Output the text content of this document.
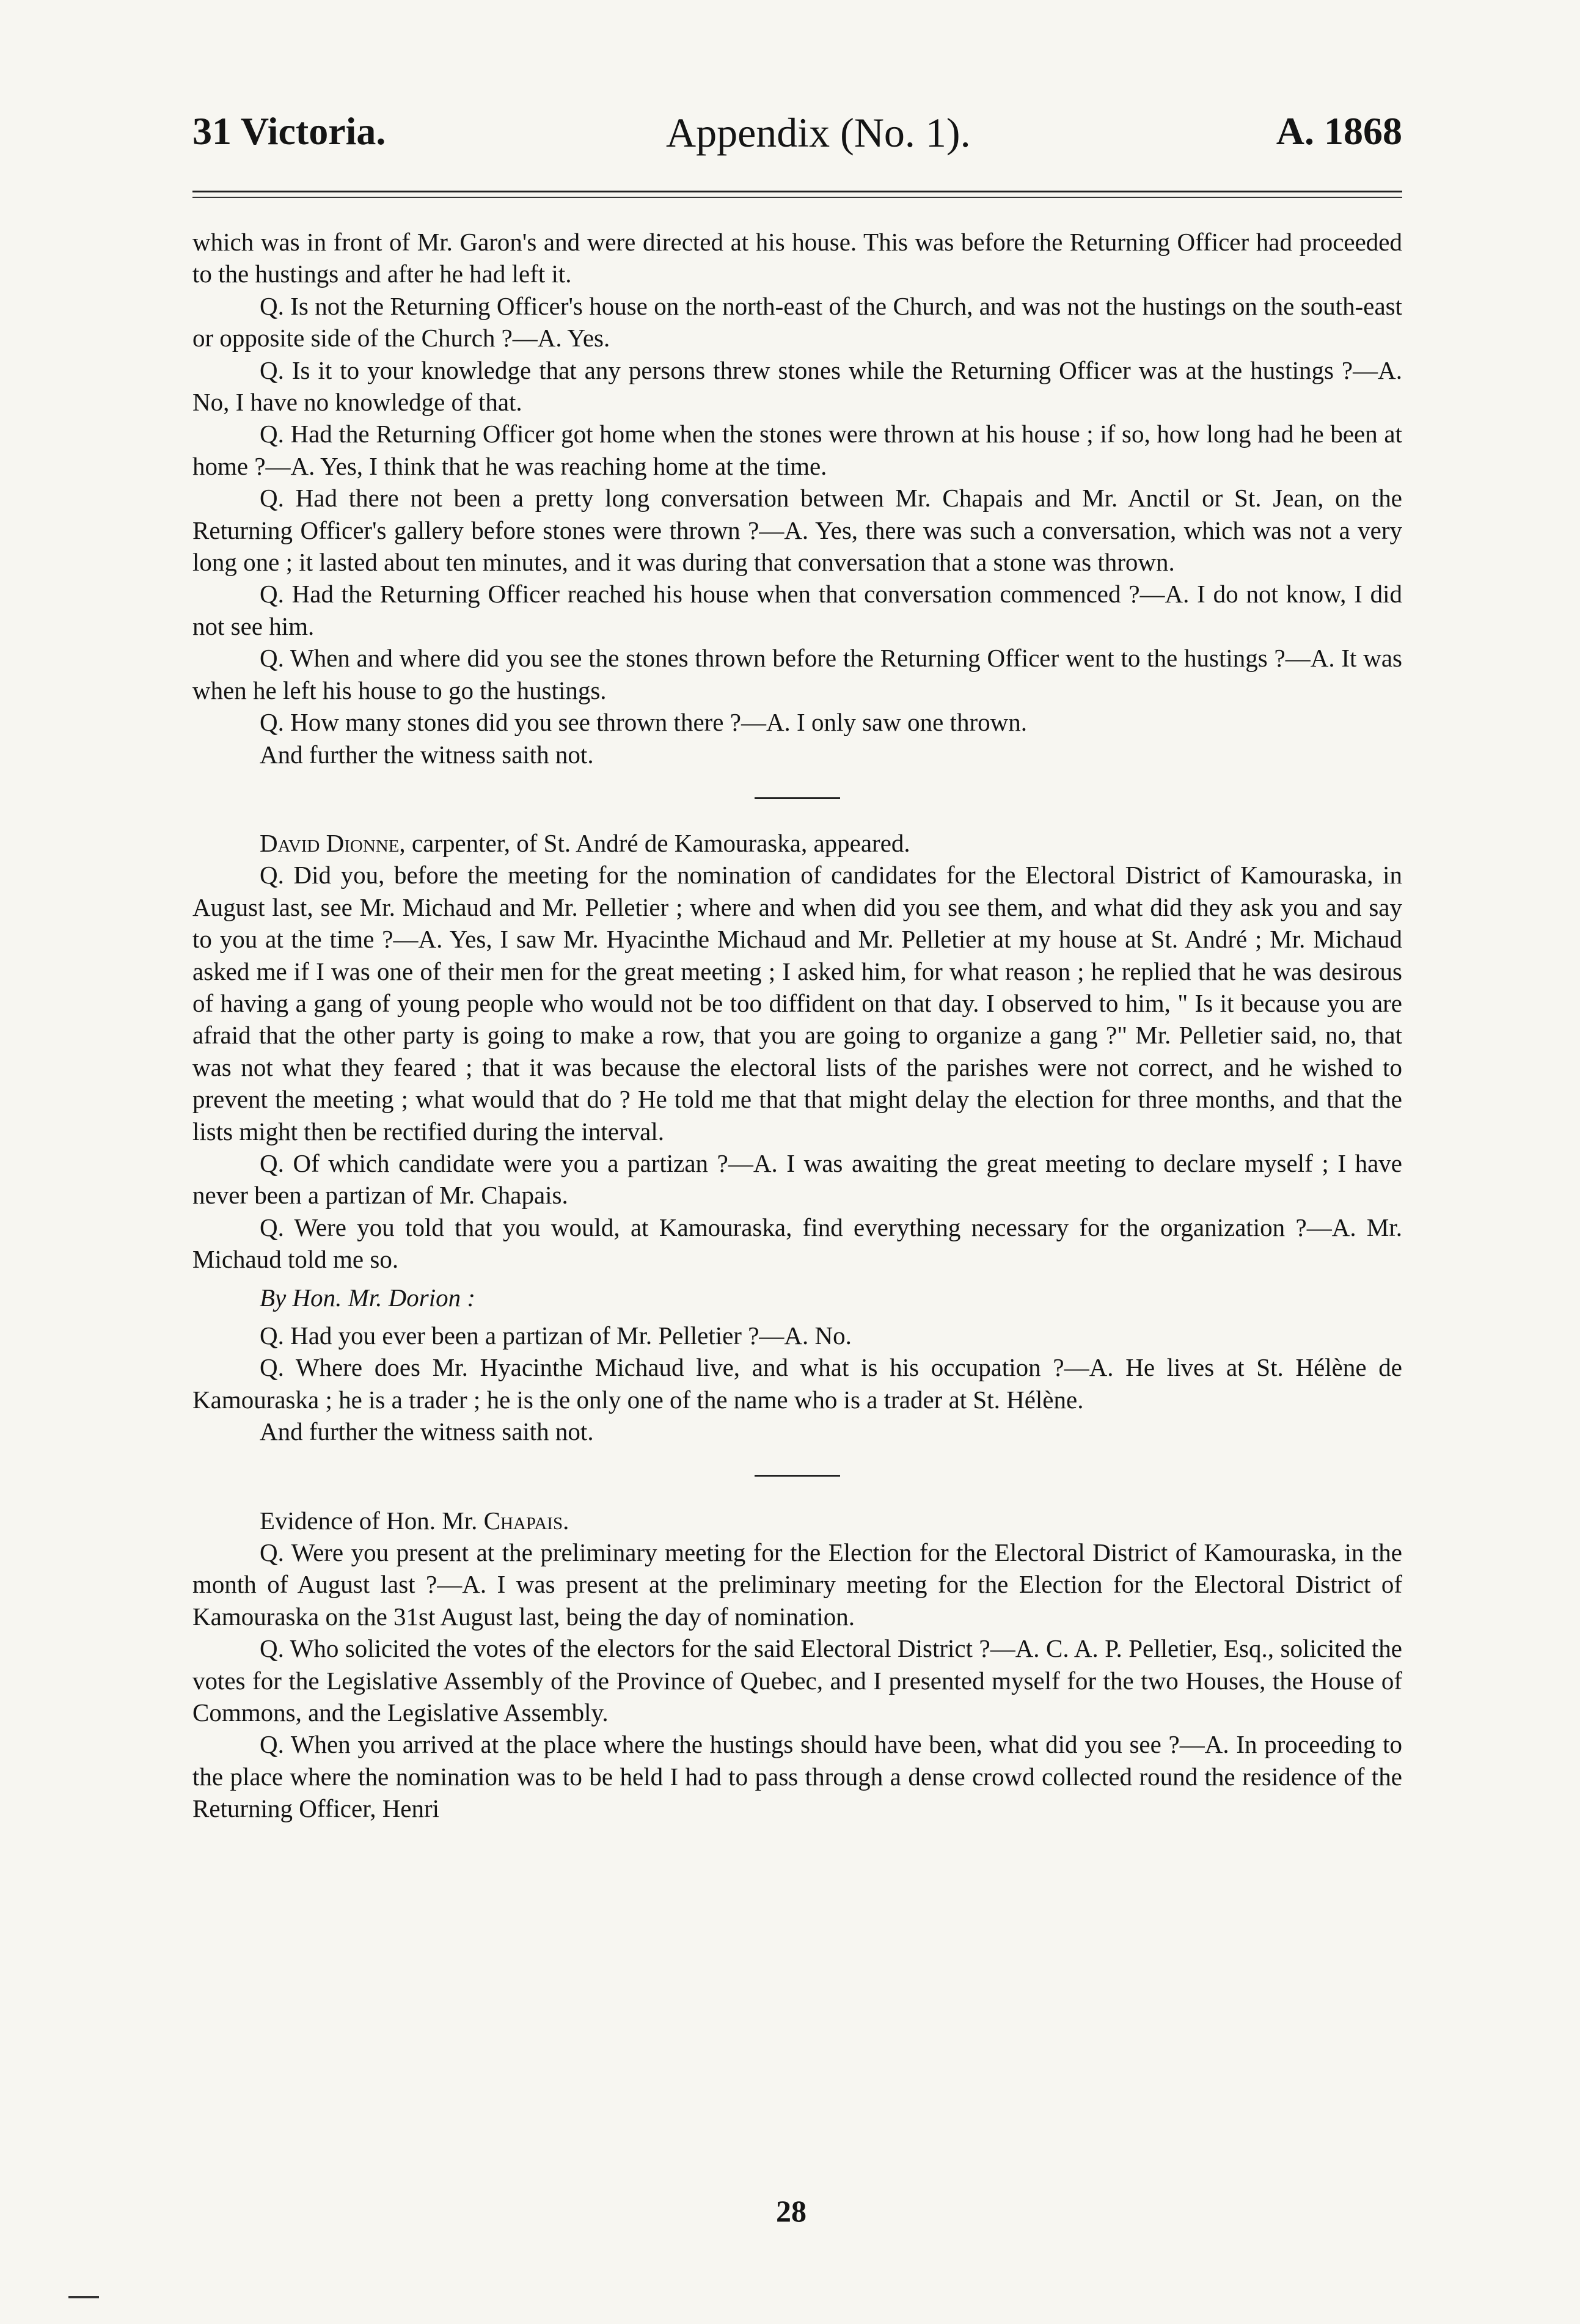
31 Victoria.	Appendix (No. 1).	A. 1868

which was in front of Mr. Garon's and were directed at his house. This was before the Returning Officer had proceeded to the hustings and after he had left it.

Q. Is not the Returning Officer's house on the north-east of the Church, and was not the hustings on the south-east or opposite side of the Church ?—A. Yes.

Q. Is it to your knowledge that any persons threw stones while the Returning Officer was at the hustings ?—A. No, I have no knowledge of that.

Q. Had the Returning Officer got home when the stones were thrown at his house ; if so, how long had he been at home ?—A. Yes, I think that he was reaching home at the time.

Q. Had there not been a pretty long conversation between Mr. Chapais and Mr. Anctil or St. Jean, on the Returning Officer's gallery before stones were thrown ?—A. Yes, there was such a conversation, which was not a very long one ; it lasted about ten minutes, and it was during that conversation that a stone was thrown.

Q. Had the Returning Officer reached his house when that conversation commenced ?—A. I do not know, I did not see him.

Q. When and where did you see the stones thrown before the Returning Officer went to the hustings ?—A. It was when he left his house to go the hustings.

Q. How many stones did you see thrown there ?—A. I only saw one thrown.

And further the witness saith not.

David Dionne, carpenter, of St. André de Kamouraska, appeared.

Q. Did you, before the meeting for the nomination of candidates for the Electoral District of Kamouraska, in August last, see Mr. Michaud and Mr. Pelletier ; where and when did you see them, and what did they ask you and say to you at the time ?—A. Yes, I saw Mr. Hyacinthe Michaud and Mr. Pelletier at my house at St. André ; Mr. Michaud asked me if I was one of their men for the great meeting ; I asked him, for what reason ; he replied that he was desirous of having a gang of young people who would not be too diffident on that day. I observed to him, " Is it because you are afraid that the other party is going to make a row, that you are going to organize a gang ?" Mr. Pelletier said, no, that was not what they feared ; that it was because the electoral lists of the parishes were not correct, and he wished to prevent the meeting ; what would that do ? He told me that that might delay the election for three months, and that the lists might then be rectified during the interval.

Q. Of which candidate were you a partizan ?—A. I was awaiting the great meeting to declare myself ; I have never been a partizan of Mr. Chapais.

Q. Were you told that you would, at Kamouraska, find everything necessary for the organization ?—A. Mr. Michaud told me so.

By Hon. Mr. Dorion :

Q. Had you ever been a partizan of Mr. Pelletier ?—A. No.

Q. Where does Mr. Hyacinthe Michaud live, and what is his occupation ?—A. He lives at St. Hélène de Kamouraska ; he is a trader ; he is the only one of the name who is a trader at St. Hélène.

And further the witness saith not.

Evidence of Hon. Mr. Chapais.

Q. Were you present at the preliminary meeting for the Election for the Electoral District of Kamouraska, in the month of August last ?—A. I was present at the preliminary meeting for the Election for the Electoral District of Kamouraska on the 31st August last, being the day of nomination.

Q. Who solicited the votes of the electors for the said Electoral District ?—A. C. A. P. Pelletier, Esq., solicited the votes for the Legislative Assembly of the Province of Quebec, and I presented myself for the two Houses, the House of Commons, and the Legislative Assembly.

Q. When you arrived at the place where the hustings should have been, what did you see ?—A. In proceeding to the place where the nomination was to be held I had to pass through a dense crowd collected round the residence of the Returning Officer, Henri

28
